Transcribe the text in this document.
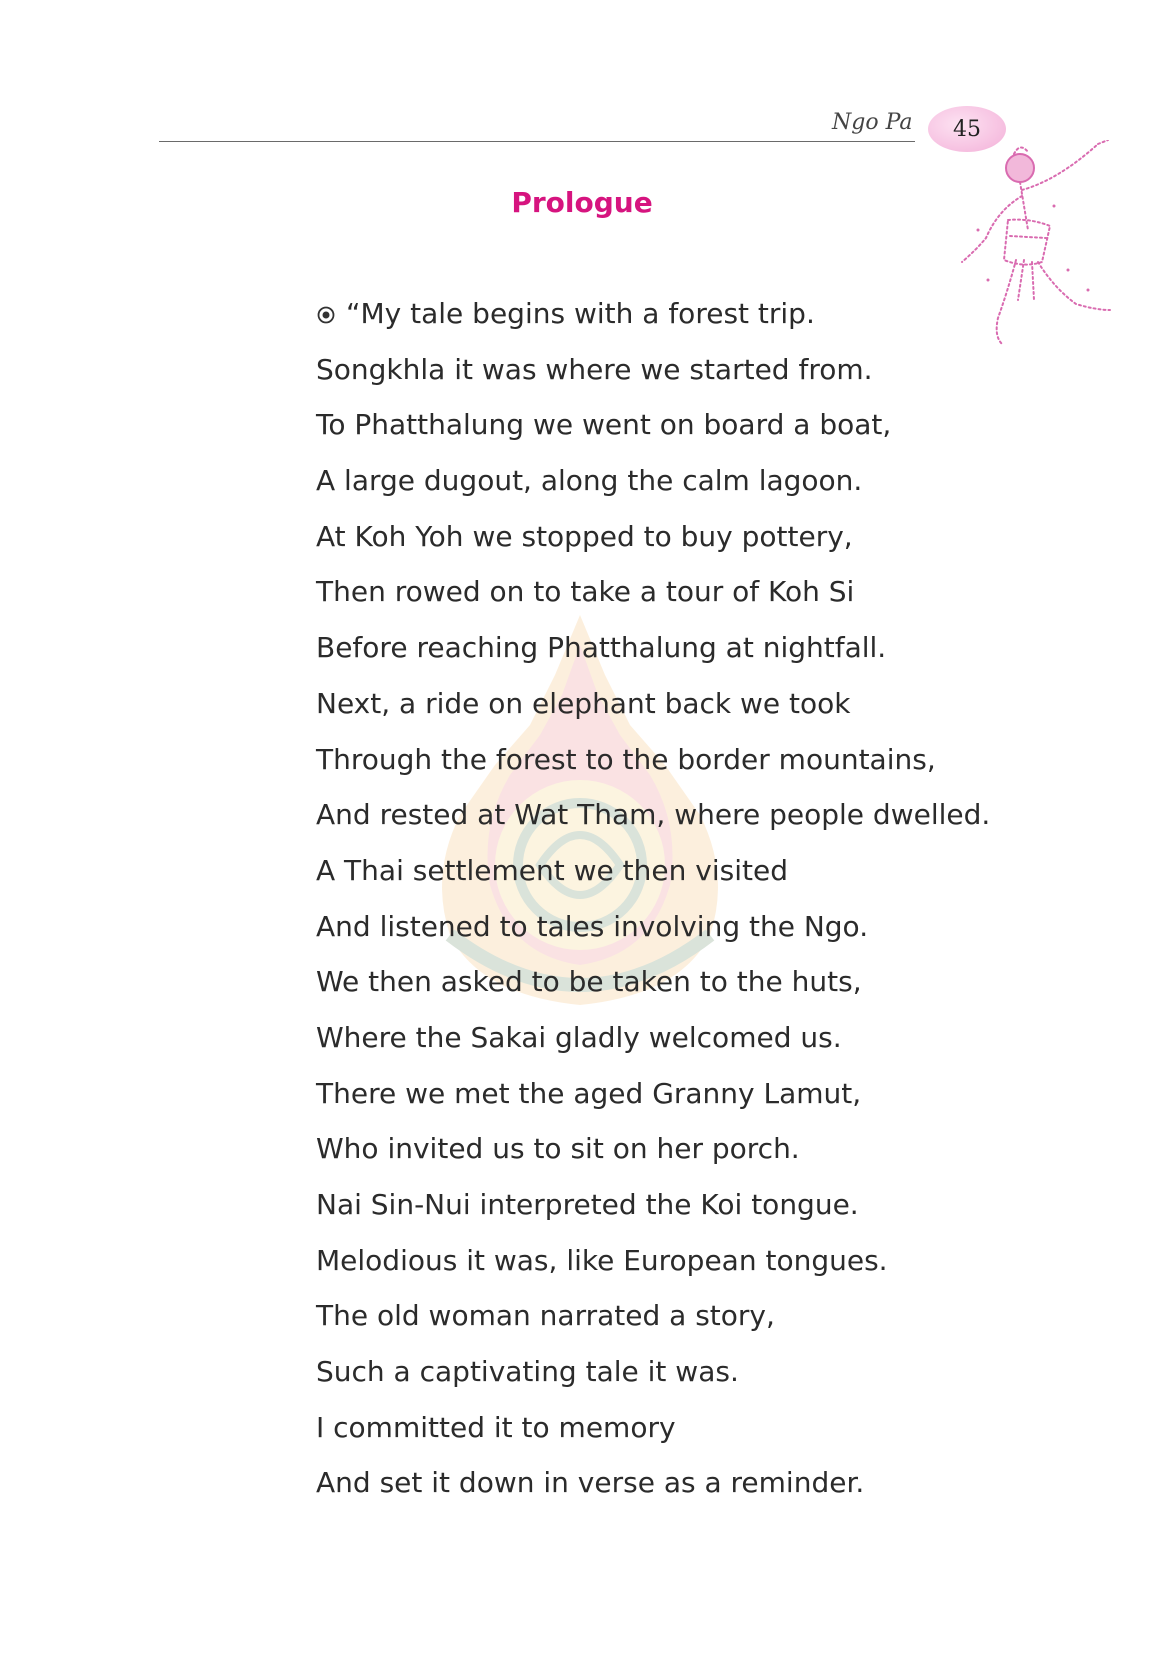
Ngo Pa 45
Prologue
“My tale begins with a forest trip.
Songkhla it was where we started from.
To Phatthalung we went on board a boat,
A large dugout, along the calm lagoon.
At Koh Yoh we stopped to buy pottery,
Then rowed on to take a tour of Koh Si
Before reaching Phatthalung at nightfall.
Next, a ride on elephant back we took
Through the forest to the border mountains,
And rested at Wat Tham, where people dwelled.
A Thai settlement we then visited
And listened to tales involving the Ngo.
We then asked to be taken to the huts,
Where the Sakai gladly welcomed us.
There we met the aged Granny Lamut,
Who invited us to sit on her porch.
Nai Sin-Nui interpreted the Koi tongue.
Melodious it was, like European tongues.
The old woman narrated a story,
Such a captivating tale it was.
I committed it to memory
And set it down in verse as a reminder.
